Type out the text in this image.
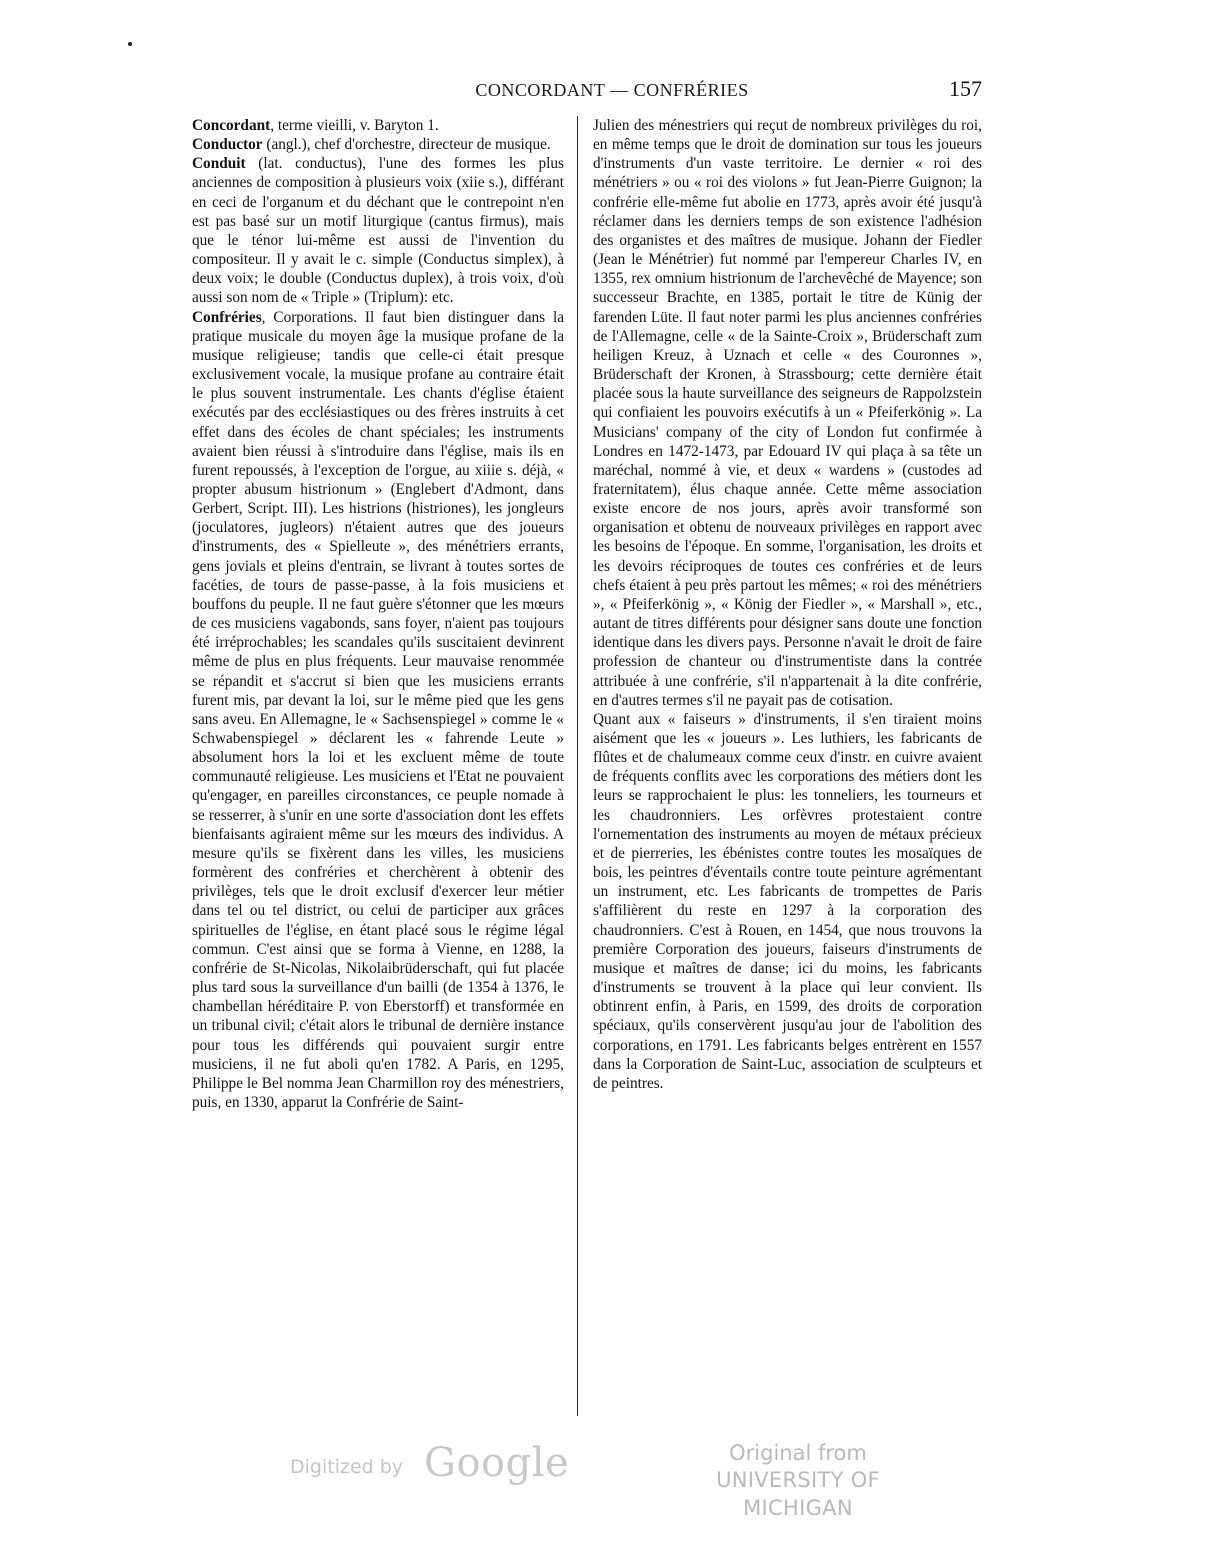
CONCORDANT — CONFRÉRIES	157

Concordant, terme vieilli, v. Baryton 1.

Conductor (angl.), chef d'orchestre, directeur de musique.

Conduit (lat. conductus), l'une des formes les plus anciennes de composition à plusieurs voix (xiie s.), différant en ceci de l'organum et du déchant que le contrepoint n'en est pas basé sur un motif liturgique (cantus firmus), mais que le ténor lui-même est aussi de l'invention du compositeur. Il y avait le c. simple (Conductus simplex), à deux voix; le double (Conductus duplex), à trois voix, d'où aussi son nom de « Triple » (Triplum): etc.

Confréries, Corporations. Il faut bien distinguer dans la pratique musicale du moyen âge la musique profane de la musique religieuse; tandis que celle-ci était presque exclusivement vocale, la musique profane au contraire était le plus souvent instrumentale. Les chants d'église étaient exécutés par des ecclésiastiques ou des frères instruits à cet effet dans des écoles de chant spéciales; les instruments avaient bien réussi à s'introduire dans l'église, mais ils en furent repoussés, à l'exception de l'orgue, au xiiie s. déjà, « propter abusum histrionum » (Englebert d'Admont, dans Gerbert, Script. III). Les histrions (histriones), les jongleurs (joculatores, jugleors) n'étaient autres que des joueurs d'instruments, des « Spielleute », des ménétriers errants, gens jovials et pleins d'entrain, se livrant à toutes sortes de facéties, de tours de passe-passe, à la fois musiciens et bouffons du peuple. Il ne faut guère s'étonner que les mœurs de ces musiciens vagabonds, sans foyer, n'aient pas toujours été irréprochables; les scandales qu'ils suscitaient devinrent même de plus en plus fréquents. Leur mauvaise renommée se répandit et s'accrut si bien que les musiciens errants furent mis, par devant la loi, sur le même pied que les gens sans aveu. En Allemagne, le « Sachsenspiegel » comme le « Schwabenspiegel » déclarent les « fahrende Leute » absolument hors la loi et les excluent même de toute communauté religieuse. Les musiciens et l'Etat ne pouvaient qu'engager, en pareilles circonstances, ce peuple nomade à se resserrer, à s'unir en une sorte d'association dont les effets bienfaisants agiraient même sur les mœurs des individus. A mesure qu'ils se fixèrent dans les villes, les musiciens formèrent des confréries et cherchèrent à obtenir des privilèges, tels que le droit exclusif d'exercer leur métier dans tel ou tel district, ou celui de participer aux grâces spirituelles de l'église, en étant placé sous le régime légal commun. C'est ainsi que se forma à Vienne, en 1288, la confrérie de St-Nicolas, Nikolaibrüderschaft, qui fut placée plus tard sous la surveillance d'un bailli (de 1354 à 1376, le chambellan héréditaire P. von Eberstorff) et transformée en un tribunal civil; c'était alors le tribunal de dernière instance pour tous les différends qui pouvaient surgir entre musiciens, il ne fut aboli qu'en 1782. A Paris, en 1295, Philippe le Bel nomma Jean Charmillon roy des ménestriers, puis, en 1330, apparut la Confrérie de Saint-

Julien des ménestriers qui reçut de nombreux privilèges du roi, en même temps que le droit de domination sur tous les joueurs d'instruments d'un vaste territoire. Le dernier « roi des ménétriers » ou « roi des violons » fut Jean-Pierre Guignon; la confrérie elle-même fut abolie en 1773, après avoir été jusqu'à réclamer dans les derniers temps de son existence l'adhésion des organistes et des maîtres de musique. Johann der Fiedler (Jean le Ménétrier) fut nommé par l'empereur Charles IV, en 1355, rex omnium histrionum de l'archevêché de Mayence; son successeur Brachte, en 1385, portait le titre de Künig der farenden Lüte. Il faut noter parmi les plus anciennes confréries de l'Allemagne, celle « de la Sainte-Croix », Brüderschaft zum heiligen Kreuz, à Uznach et celle « des Couronnes », Brüderschaft der Kronen, à Strassbourg; cette dernière était placée sous la haute surveillance des seigneurs de Rappolzstein qui confiaient les pouvoirs exécutifs à un « Pfeiferkönig ». La Musicians' company of the city of London fut confirmée à Londres en 1472-1473, par Edouard IV qui plaça à sa tête un maréchal, nommé à vie, et deux « wardens » (custodes ad fraternitatem), élus chaque année. Cette même association existe encore de nos jours, après avoir transformé son organisation et obtenu de nouveaux privilèges en rapport avec les besoins de l'époque. En somme, l'organisation, les droits et les devoirs réciproques de toutes ces confréries et de leurs chefs étaient à peu près partout les mêmes; « roi des ménétriers », « Pfeiferkönig », « König der Fiedler », « Marshall », etc., autant de titres différents pour désigner sans doute une fonction identique dans les divers pays. Personne n'avait le droit de faire profession de chanteur ou d'instrumentiste dans la contrée attribuée à une confrérie, s'il n'appartenait à la dite confrérie, en d'autres termes s'il ne payait pas de cotisation.

Quant aux « faiseurs » d'instruments, il s'en tiraient moins aisément que les « joueurs ». Les luthiers, les fabricants de flûtes et de chalumeaux comme ceux d'instr. en cuivre avaient de fréquents conflits avec les corporations des métiers dont les leurs se rapprochaient le plus: les tonneliers, les tourneurs et les chaudronniers. Les orfèvres protestaient contre l'ornementation des instruments au moyen de métaux précieux et de pierreries, les ébénistes contre toutes les mosaïques de bois, les peintres d'éventails contre toute peinture agrémentant un instrument, etc. Les fabricants de trompettes de Paris s'affilièrent du reste en 1297 à la corporation des chaudronniers. C'est à Rouen, en 1454, que nous trouvons la première Corporation des joueurs, faiseurs d'instruments de musique et maîtres de danse; ici du moins, les fabricants d'instruments se trouvent à la place qui leur convient. Ils obtinrent enfin, à Paris, en 1599, des droits de corporation spéciaux, qu'ils conservèrent jusqu'au jour de l'abolition des corporations, en 1791. Les fabricants belges entrèrent en 1557 dans la Corporation de Saint-Luc, association de sculpteurs et de peintres.

Digitized by Google	Original from
UNIVERSITY OF MICHIGAN
